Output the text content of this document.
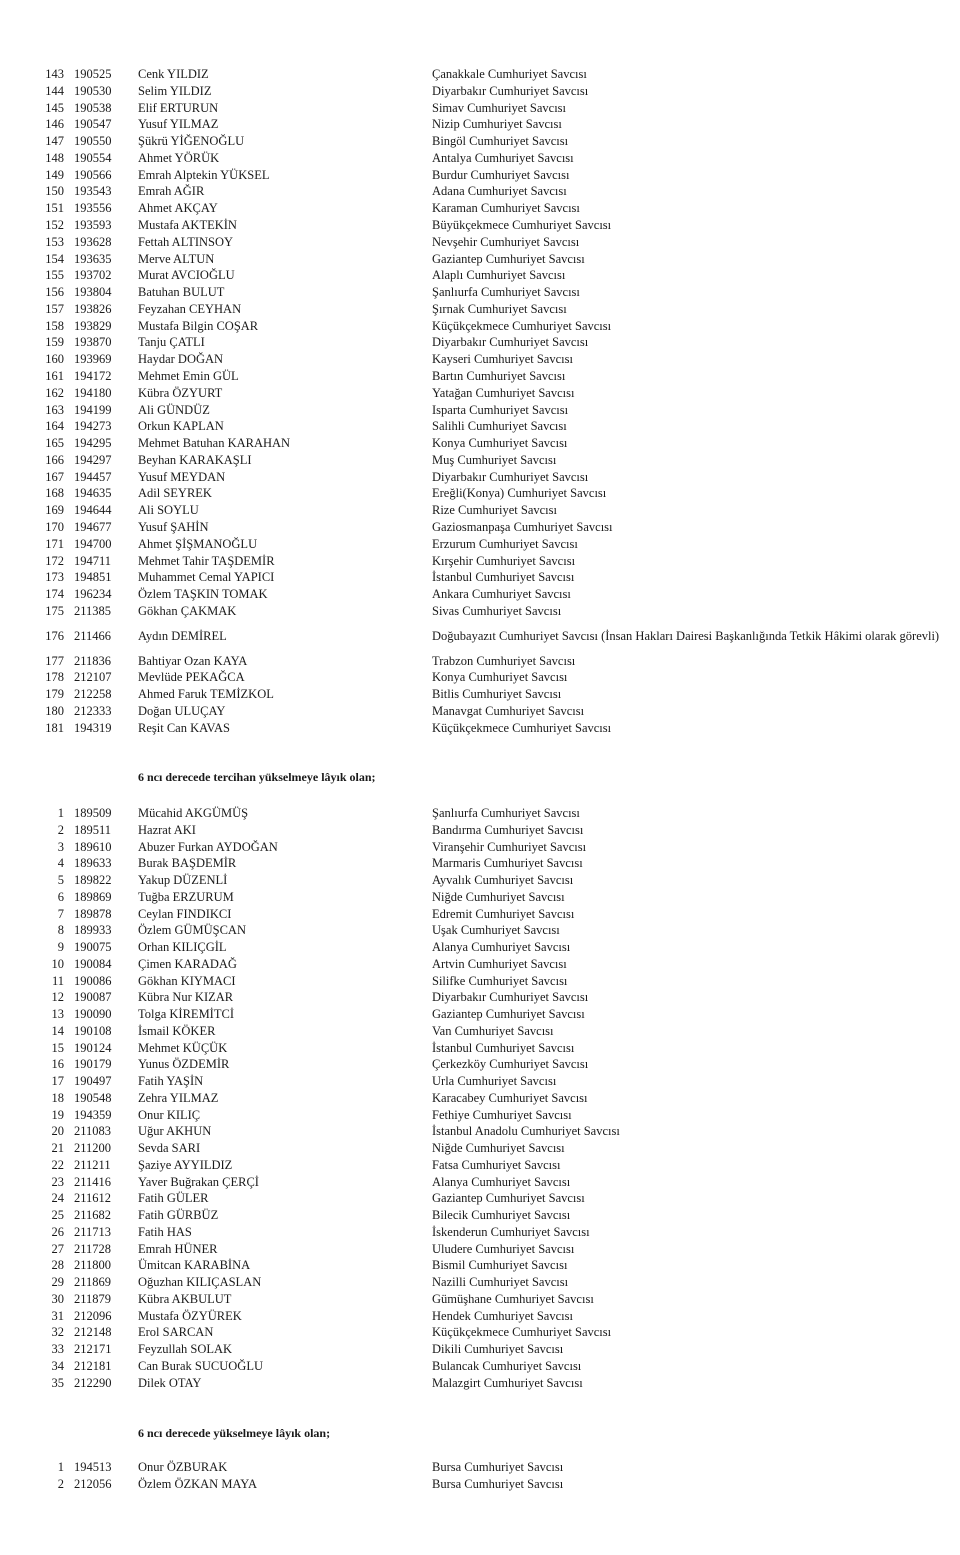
143 190525 Cenk YILDIZ	Çanakkale Cumhuriyet Savcısı
144 190530 Selim YILDIZ	Diyarbakır Cumhuriyet Savcısı
145 190538 Elif ERTURUN	Simav Cumhuriyet Savcısı
146 190547 Yusuf YILMAZ	Nizip Cumhuriyet Savcısı
147 190550 Şükrü YİĞENOĞLU	Bingöl Cumhuriyet Savcısı
148 190554 Ahmet YÖRÜK	Antalya Cumhuriyet Savcısı
149 190566 Emrah Alptekin YÜKSEL	Burdur Cumhuriyet Savcısı
150 193543 Emrah AĞIR	Adana Cumhuriyet Savcısı
151 193556 Ahmet AKÇAY	Karaman Cumhuriyet Savcısı
152 193593 Mustafa AKTEKİN	Büyükçekmece Cumhuriyet Savcısı
153 193628 Fettah ALTINSOY	Nevşehir Cumhuriyet Savcısı
154 193635 Merve ALTUN	Gaziantep Cumhuriyet Savcısı
155 193702 Murat AVCIOĞLU	Alaplı Cumhuriyet Savcısı
156 193804 Batuhan BULUT	Şanlıurfa Cumhuriyet Savcısı
157 193826 Feyzahan CEYHAN	Şırnak Cumhuriyet Savcısı
158 193829 Mustafa Bilgin COŞAR	Küçükçekmece Cumhuriyet Savcısı
159 193870 Tanju ÇATLI	Diyarbakır Cumhuriyet Savcısı
160 193969 Haydar DOĞAN	Kayseri Cumhuriyet Savcısı
161 194172 Mehmet Emin GÜL	Bartın Cumhuriyet Savcısı
162 194180 Kübra ÖZYURT	Yatağan Cumhuriyet Savcısı
163 194199 Ali GÜNDÜZ	Isparta Cumhuriyet Savcısı
164 194273 Orkun KAPLAN	Salihli Cumhuriyet Savcısı
165 194295 Mehmet Batuhan KARAHAN	Konya Cumhuriyet Savcısı
166 194297 Beyhan KARAKAŞLI	Muş Cumhuriyet Savcısı
167 194457 Yusuf MEYDAN	Diyarbakır Cumhuriyet Savcısı
168 194635 Adil SEYREK	Ereğli(Konya) Cumhuriyet Savcısı
169 194644 Ali SOYLU	Rize Cumhuriyet Savcısı
170 194677 Yusuf ŞAHİN	Gaziosmanpaşa Cumhuriyet Savcısı
171 194700 Ahmet ŞİŞMANOĞLU	Erzurum Cumhuriyet Savcısı
172 194711 Mehmet Tahir TAŞDEMİR	Kırşehir Cumhuriyet Savcısı
173 194851 Muhammet Cemal YAPICI	İstanbul Cumhuriyet Savcısı
174 196234 Özlem TAŞKIN TOMAK	Ankara Cumhuriyet Savcısı
175 211385 Gökhan ÇAKMAK	Sivas Cumhuriyet Savcısı
176 211466 Aydın DEMİREL	Doğubayazıt Cumhuriyet Savcısı (İnsan Hakları Dairesi Başkanlığında Tetkik Hâkimi olarak görevli)
177 211836 Bahtiyar Ozan KAYA	Trabzon Cumhuriyet Savcısı
178 212107 Mevlüde PEKAĞCA	Konya Cumhuriyet Savcısı
179 212258 Ahmed Faruk TEMİZKOL	Bitlis Cumhuriyet Savcısı
180 212333 Doğan ULUÇAY	Manavgat Cumhuriyet Savcısı
181 194319 Reşit Can KAVAS	Küçükçekmece Cumhuriyet Savcısı
6 ncı derecede tercihan yükselmeye lâyık olan;
1 189509 Mücahid AKGÜMÜŞ	Şanlıurfa Cumhuriyet Savcısı
2 189511 Hazrat AKI	Bandırma Cumhuriyet Savcısı
3 189610 Abuzer Furkan AYDOĞAN	Viranşehir Cumhuriyet Savcısı
4 189633 Burak BAŞDEMİR	Marmaris Cumhuriyet Savcısı
5 189822 Yakup DÜZENLİ	Ayvalık Cumhuriyet Savcısı
6 189869 Tuğba ERZURUM	Niğde Cumhuriyet Savcısı
7 189878 Ceylan FINDIKCI	Edremit Cumhuriyet Savcısı
8 189933 Özlem GÜMÜŞCAN	Uşak Cumhuriyet Savcısı
9 190075 Orhan KILIÇGİL	Alanya Cumhuriyet Savcısı
10 190084 Çimen KARADAĞ	Artvin Cumhuriyet Savcısı
11 190086 Gökhan KIYMACI	Silifke Cumhuriyet Savcısı
12 190087 Kübra Nur KIZAR	Diyarbakır Cumhuriyet Savcısı
13 190090 Tolga KİREMİTCİ	Gaziantep Cumhuriyet Savcısı
14 190108 İsmail KÖKER	Van Cumhuriyet Savcısı
15 190124 Mehmet KÜÇÜK	İstanbul Cumhuriyet Savcısı
16 190179 Yunus ÖZDEMİR	Çerkezköy Cumhuriyet Savcısı
17 190497 Fatih YAŞİN	Urla Cumhuriyet Savcısı
18 190548 Zehra YILMAZ	Karacabey Cumhuriyet Savcısı
19 194359 Onur KILIÇ	Fethiye Cumhuriyet Savcısı
20 211083 Uğur AKHUN	İstanbul Anadolu Cumhuriyet Savcısı
21 211200 Sevda SARI	Niğde Cumhuriyet Savcısı
22 211211 Şaziye AYYILDIZ	Fatsa Cumhuriyet Savcısı
23 211416 Yaver Buğrakan ÇERÇİ	Alanya Cumhuriyet Savcısı
24 211612 Fatih GÜLER	Gaziantep Cumhuriyet Savcısı
25 211682 Fatih GÜRBÜZ	Bilecik Cumhuriyet Savcısı
26 211713 Fatih HAS	İskenderun Cumhuriyet Savcısı
27 211728 Emrah HÜNER	Uludere Cumhuriyet Savcısı
28 211800 Ümitcan KARABİNA	Bismil Cumhuriyet Savcısı
29 211869 Oğuzhan KILIÇASLAN	Nazilli Cumhuriyet Savcısı
30 211879 Kübra AKBULUT	Gümüşhane Cumhuriyet Savcısı
31 212096 Mustafa ÖZYÜREK	Hendek Cumhuriyet Savcısı
32 212148 Erol SARCAN	Küçükçekmece Cumhuriyet Savcısı
33 212171 Feyzullah SOLAK	Dikili Cumhuriyet Savcısı
34 212181 Can Burak SUCUOĞLU	Bulancak Cumhuriyet Savcısı
35 212290 Dilek OTAY	Malazgirt Cumhuriyet Savcısı
6 ncı derecede yükselmeye lâyık olan;
1 194513 Onur ÖZBURAK	Bursa Cumhuriyet Savcısı
2 212056 Özlem ÖZKAN MAYA	Bursa Cumhuriyet Savcısı
